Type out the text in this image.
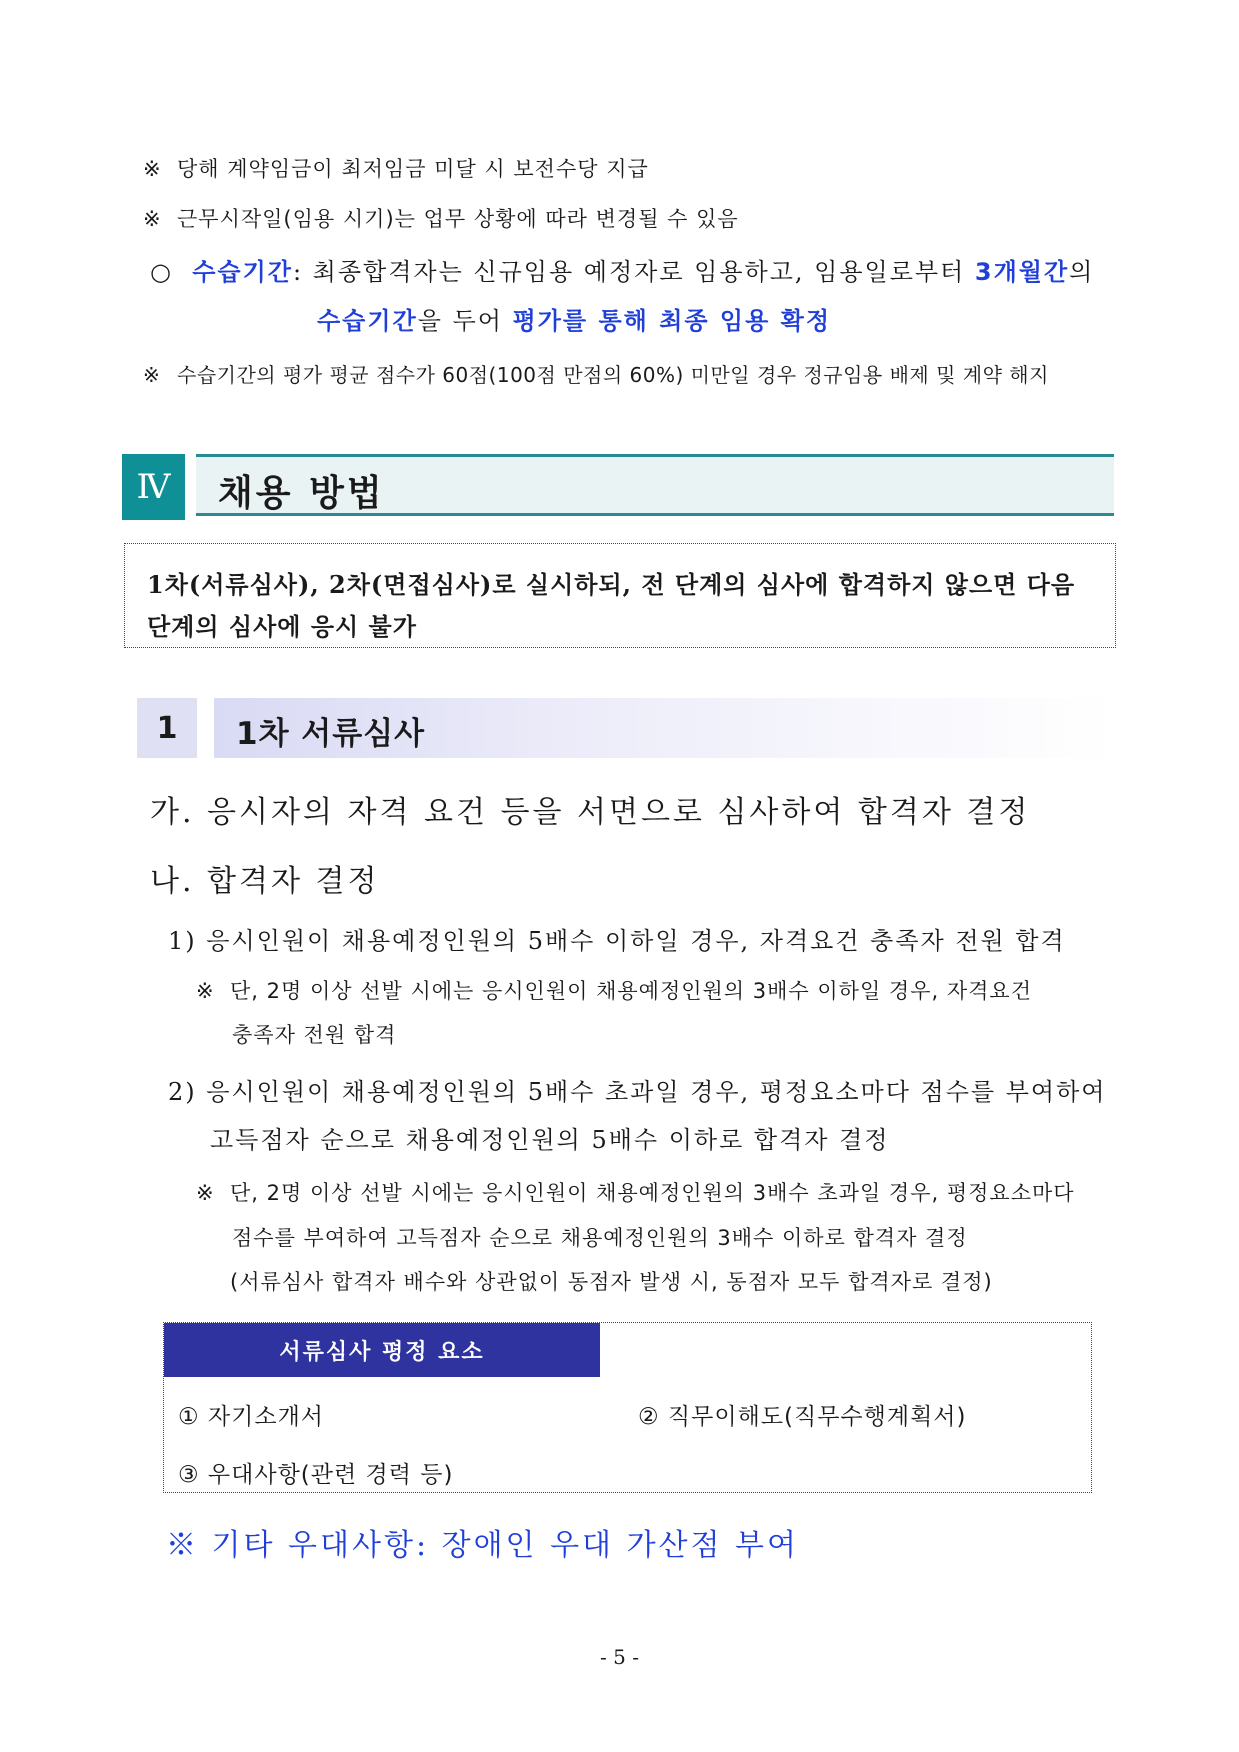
※ 당해 계약임금이 최저임금 미달 시 보전수당 지급
※ 근무시작일(임용 시기)는 업무 상황에 따라 변경될 수 있음
○ 수습기간: 최종합격자는 신규임용 예정자로 임용하고, 임용일로부터 3개월간의
수습기간을 두어 평가를 통해 최종 임용 확정
※ 수습기간의 평가 평균 점수가 60점(100점 만점의 60%) 미만일 경우 정규임용 배제 및 계약 해지
Ⅳ	채용 방법
1차(서류심사), 2차(면접심사)로 실시하되, 전 단계의 심사에 합격하지 않으면 다음 단계의 심사에 응시 불가
1	1차 서류심사
가. 응시자의 자격 요건 등을 서면으로 심사하여 합격자 결정
나. 합격자 결정
1) 응시인원이 채용예정인원의 5배수 이하일 경우, 자격요건 충족자 전원 합격
※ 단, 2명 이상 선발 시에는 응시인원이 채용예정인원의 3배수 이하일 경우, 자격요건
충족자 전원 합격
2) 응시인원이 채용예정인원의 5배수 초과일 경우, 평정요소마다 점수를 부여하여
고득점자 순으로 채용예정인원의 5배수 이하로 합격자 결정
※ 단, 2명 이상 선발 시에는 응시인원이 채용예정인원의 3배수 초과일 경우, 평정요소마다
점수를 부여하여 고득점자 순으로 채용예정인원의 3배수 이하로 합격자 결정
(서류심사 합격자 배수와 상관없이 동점자 발생 시, 동점자 모두 합격자로 결정)
서류심사 평정 요소
① 자기소개서	② 직무이해도(직무수행계획서)
③ 우대사항(관련 경력 등)
※ 기타 우대사항: 장애인 우대 가산점 부여
- 5 -
